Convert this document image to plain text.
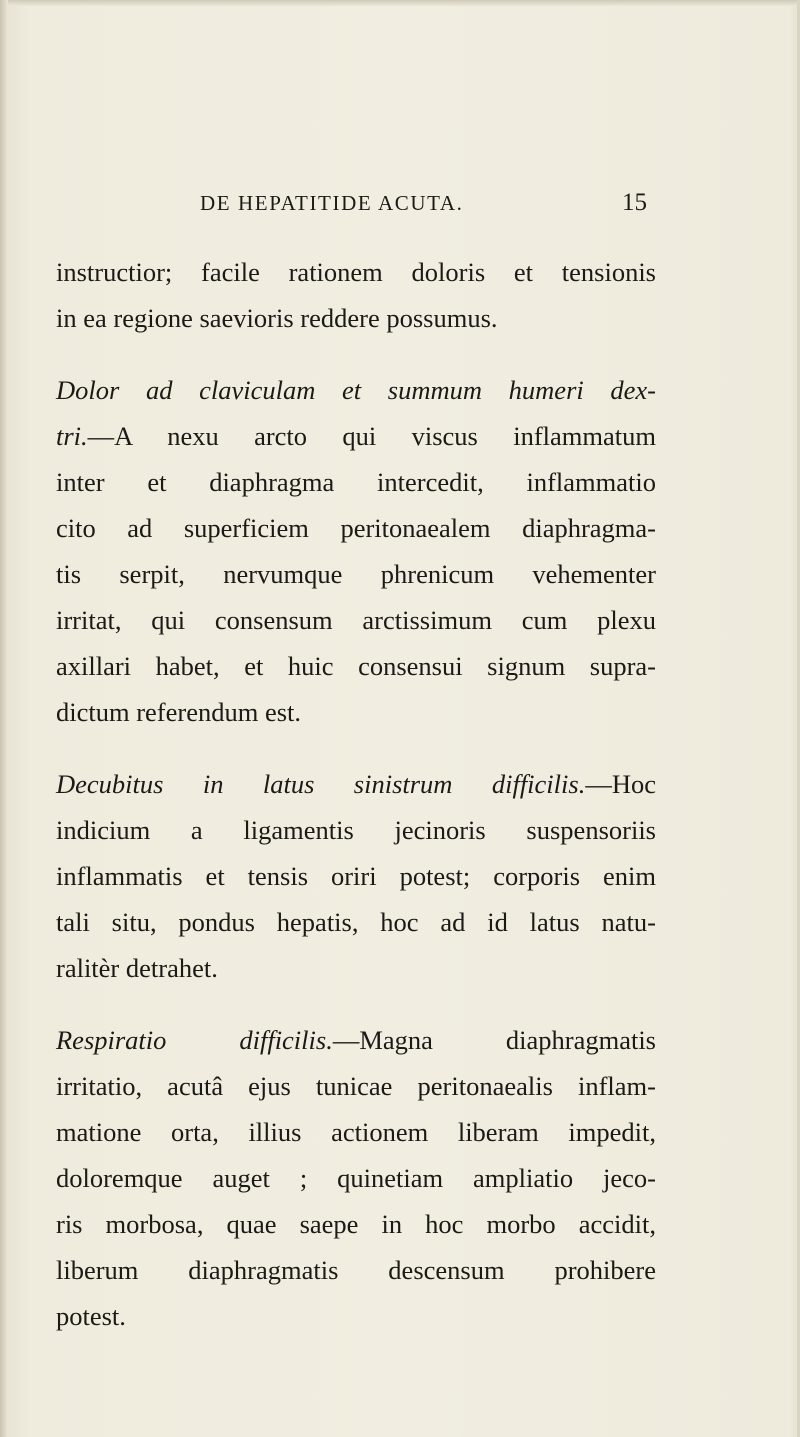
DE HEPATITIDE ACUTA.	15
instructior; facile rationem doloris et tensionis
in ea regione saevioris reddere possumus.
Dolor ad claviculam et summum humeri dex-
tri.—A nexu arcto qui viscus inflammatum
inter et diaphragma intercedit, inflammatio
cito ad superficiem peritonaealem diaphragma-
tis serpit, nervumque phrenicum vehementer
irritat, qui consensum arctissimum cum plexu
axillari habet, et huic consensui signum supra-
dictum referendum est.
Decubitus in latus sinistrum difficilis.—Hoc
indicium a ligamentis jecinoris suspensoriis
inflammatis et tensis oriri potest; corporis enim
tali situ, pondus hepatis, hoc ad id latus natu-
ralitèr detrahet.
Respiratio difficilis.—Magna diaphragmatis
irritatio, acutâ ejus tunicae peritonaealis inflam-
matione orta, illius actionem liberam impedit,
doloremque auget ; quinetiam ampliatio jeco-
ris morbosa, quae saepe in hoc morbo accidit,
liberum diaphragmatis descensum prohibere
potest.
